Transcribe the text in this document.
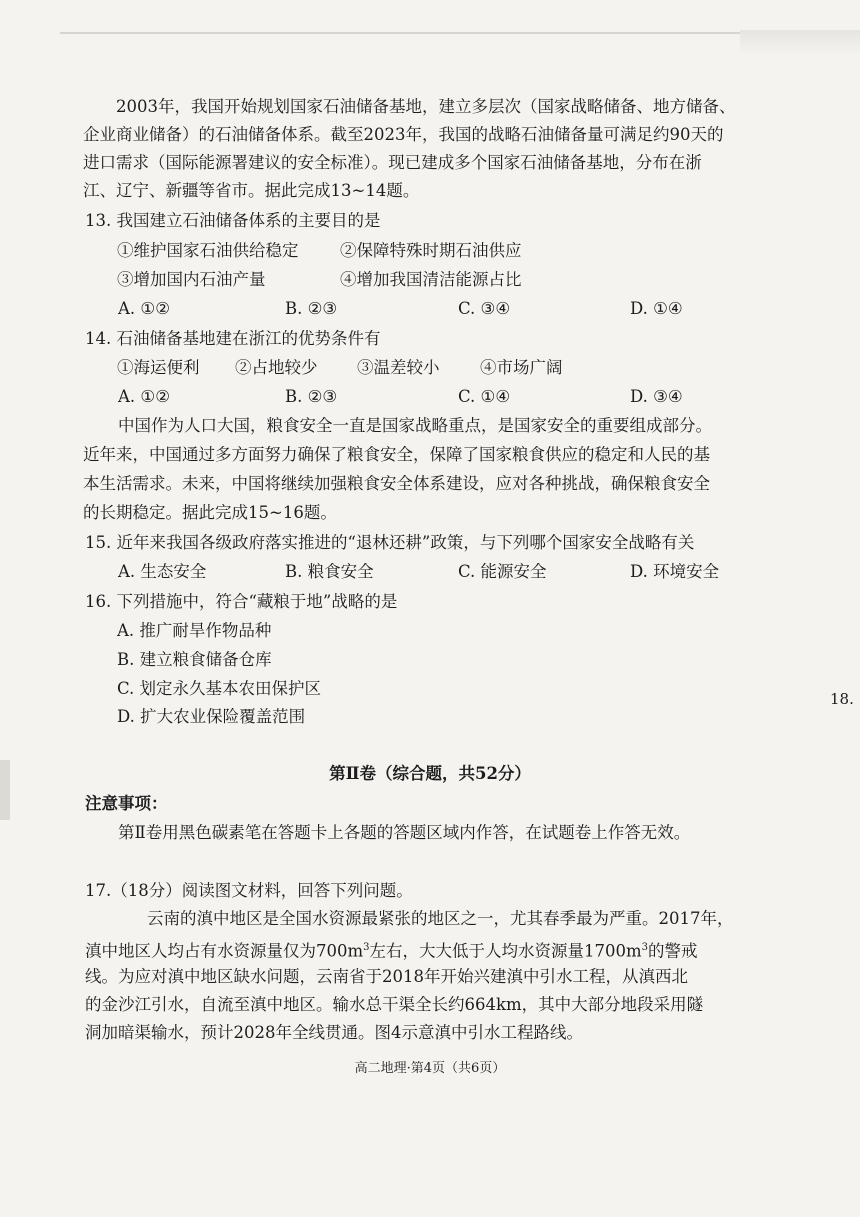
2003年，我国开始规划国家石油储备基地，建立多层次（国家战略储备、地方储备、
企业商业储备）的石油储备体系。截至2023年，我国的战略石油储备量可满足约90天的
进口需求（国际能源署建议的安全标准）。现已建成多个国家石油储备基地，分布在浙
江、辽宁、新疆等省市。据此完成13~14题。
13. 我国建立石油储备体系的主要目的是
①维护国家石油供给稳定	②保障特殊时期石油供应
③增加国内石油产量	④增加我国清洁能源占比
A. ①②	B. ②③	C. ③④	D. ①④
14. 石油储备基地建在浙江的优势条件有
①海运便利 ②占地较少 ③温差较小 ④市场广阔
A. ①②	B. ②③	C. ①④	D. ③④
中国作为人口大国，粮食安全一直是国家战略重点，是国家安全的重要组成部分。
近年来，中国通过多方面努力确保了粮食安全，保障了国家粮食供应的稳定和人民的基
本生活需求。未来，中国将继续加强粮食安全体系建设，应对各种挑战，确保粮食安全
的长期稳定。据此完成15~16题。
15. 近年来我国各级政府落实推进的“退林还耕”政策，与下列哪个国家安全战略有关
A. 生态安全	B. 粮食安全	C. 能源安全	D. 环境安全
16. 下列措施中，符合“藏粮于地”战略的是
A. 推广耐旱作物品种
B. 建立粮食储备仓库
C. 划定永久基本农田保护区
D. 扩大农业保险覆盖范围
18.
第Ⅱ卷（综合题，共52分）
注意事项：
第Ⅱ卷用黑色碳素笔在答题卡上各题的答题区域内作答，在试题卷上作答无效。
17.（18分）阅读图文材料，回答下列问题。
云南的滇中地区是全国水资源最紧张的地区之一，尤其春季最为严重。2017年，
滇中地区人均占有水资源量仅为$700m^3$左右，大大低于人均水资源量$1700m^3$的警戒
线。为应对滇中地区缺水问题，云南省于2018年开始兴建滇中引水工程，从滇西北
的金沙江引水，自流至滇中地区。输水总干渠全长约664km，其中大部分地段采用隧
洞加暗渠输水，预计2028年全线贯通。图4示意滇中引水工程路线。
高二地理·第4页（共6页）
